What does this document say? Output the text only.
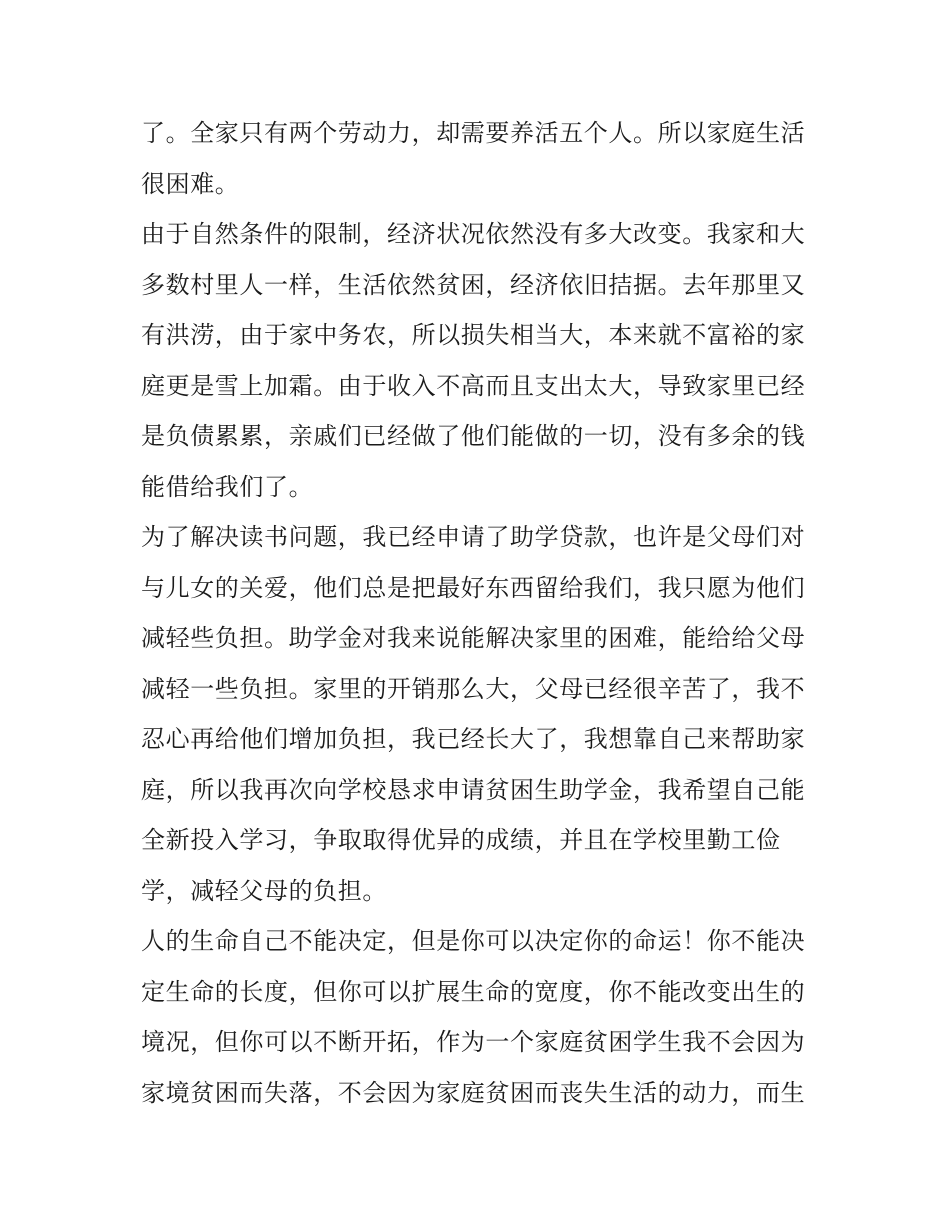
了。全家只有两个劳动力，却需要养活五个人。所以家庭生活
很困难。
由于自然条件的限制，经济状况依然没有多大改变。我家和大
多数村里人一样，生活依然贫困，经济依旧拮据。去年那里又
有洪涝，由于家中务农，所以损失相当大，本来就不富裕的家
庭更是雪上加霜。由于收入不高而且支出太大，导致家里已经
是负债累累，亲戚们已经做了他们能做的一切，没有多余的钱
能借给我们了。
为了解决读书问题，我已经申请了助学贷款，也许是父母们对
与儿女的关爱，他们总是把最好东西留给我们，我只愿为他们
减轻些负担。助学金对我来说能解决家里的困难，能给给父母
减轻一些负担。家里的开销那么大，父母已经很辛苦了，我不
忍心再给他们增加负担，我已经长大了，我想靠自己来帮助家
庭，所以我再次向学校恳求申请贫困生助学金，我希望自己能
全新投入学习，争取取得优异的成绩，并且在学校里勤工俭
学，减轻父母的负担。
人的生命自己不能决定，但是你可以决定你的命运！你不能决
定生命的长度，但你可以扩展生命的宽度，你不能改变出生的
境况，但你可以不断开拓，作为一个家庭贫困学生我不会因为
家境贫困而失落，不会因为家庭贫困而丧失生活的动力，而生
